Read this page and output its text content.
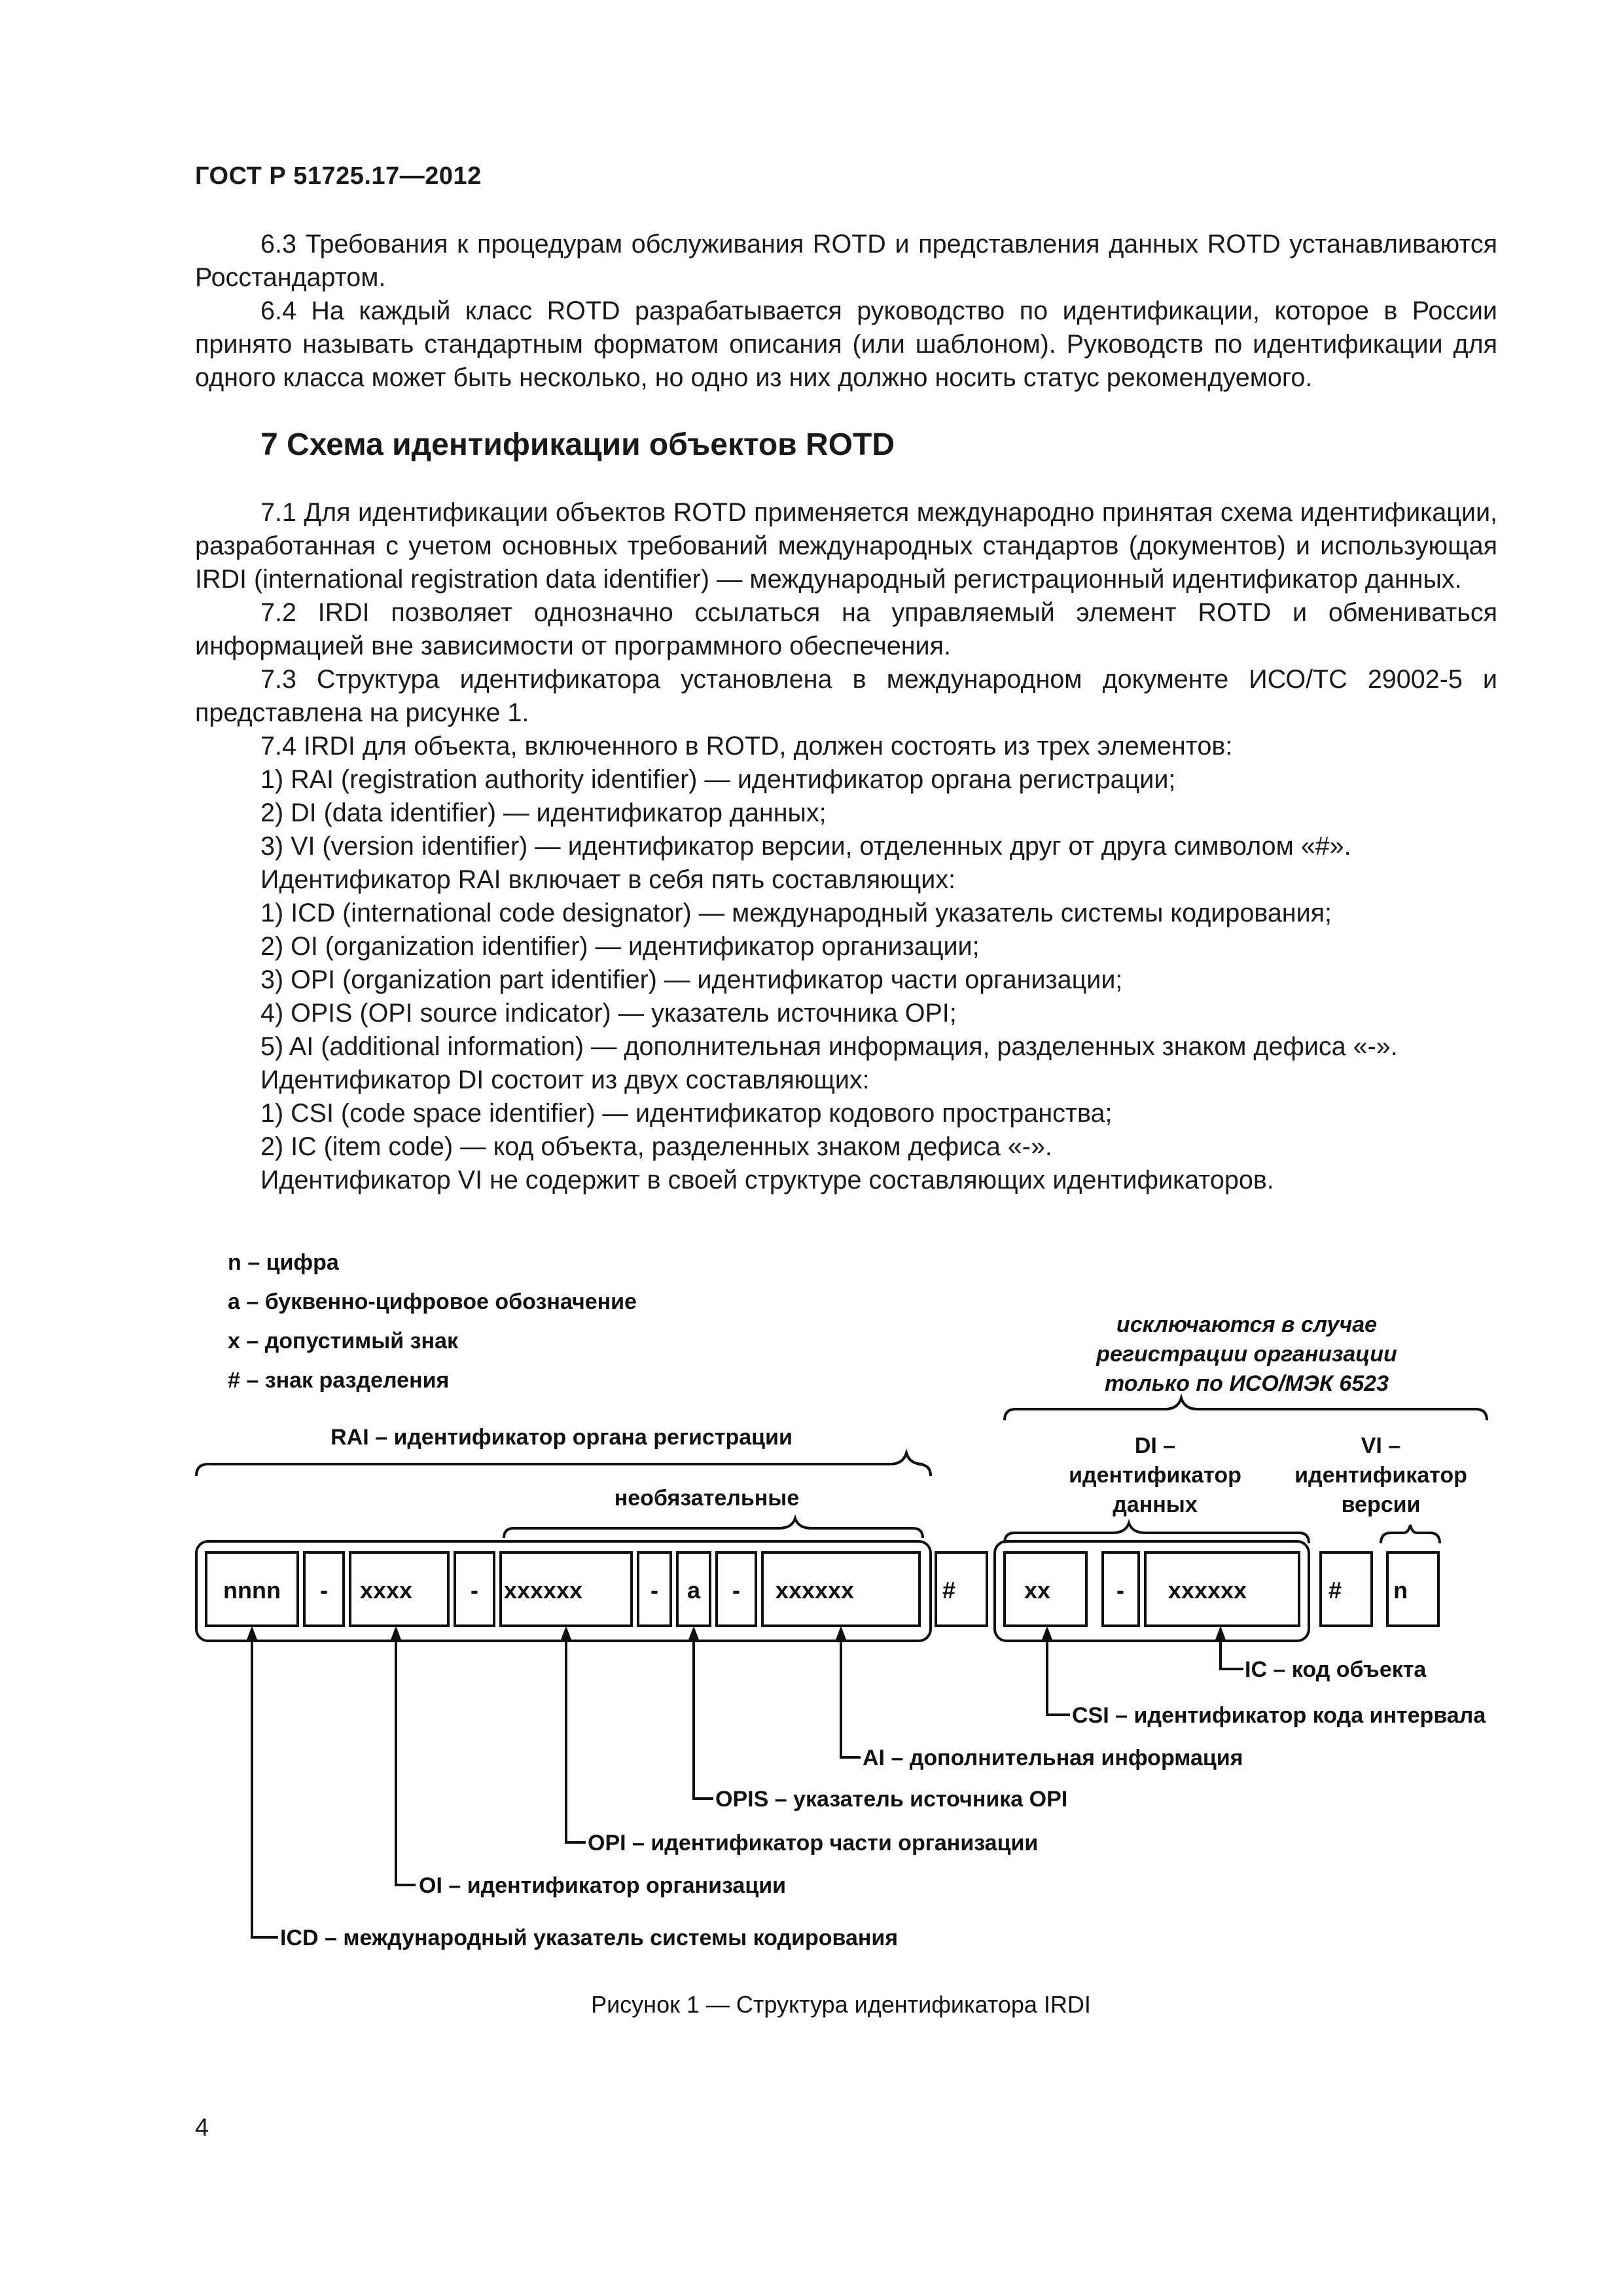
ГОСТ Р 51725.17—2012

6.3 Требования к процедурам обслуживания ROTD и представления данных ROTD устанавливаются Росстандартом.

6.4 На каждый класс ROTD разрабатывается руководство по идентификации, которое в России принято называть стандартным форматом описания (или шаблоном). Руководств по идентификации для одного класса может быть несколько, но одно из них должно носить статус рекомендуемого.

7 Схема идентификации объектов ROTD

7.1 Для идентификации объектов ROTD применяется международно принятая схема идентификации, разработанная с учетом основных требований международных стандартов (документов) и использующая IRDI (international registration data identifier) — международный регистрационный идентификатор данных.

7.2 IRDI позволяет однозначно ссылаться на управляемый элемент ROTD и обмениваться информацией вне зависимости от программного обеспечения.

7.3 Структура идентификатора установлена в международном документе ИСО/ТС 29002-5 и представлена на рисунке 1.

7.4 IRDI для объекта, включенного в ROTD, должен состоять из трех элементов:

1) RAI (registration authority identifier) — идентификатор органа регистрации;

2) DI (data identifier) — идентификатор данных;

3) VI (version identifier) — идентификатор версии, отделенных друг от друга символом «#».

Идентификатор RAI включает в себя пять составляющих:

1) ICD (international code designator) — международный указатель системы кодирования;

2) OI (organization identifier) — идентификатор организации;

3) OPI (organization part identifier) — идентификатор части организации;

4) OPIS (OPI source indicator) — указатель источника OPI;

5) AI (additional information) — дополнительная информация, разделенных знаком дефиса «-».

Идентификатор DI состоит из двух составляющих:

1) CSI (code space identifier) — идентификатор кодового пространства;

2) IC (item code) — код объекта, разделенных знаком дефиса «-».

Идентификатор VI не содержит в своей структуре составляющих идентификаторов.

n – цифра
a – буквенно-цифровое обозначение
x – допустимый знак
# – знак разделения
исключаются в случае
регистрации организации
только по ИСО/МЭК 6523
RAI – идентификатор органа регистрации
необязательные
DI –
идентификатор
данных
VI –
идентификатор
версии
nnnn - xxxx - xxxxxx	- a - xxxxxx	#	xx	- xxxxxx	# n
IC – код объекта
CSI – идентификатор кода интервала
AI – дополнительная информация
OPIS – указатель источника OPI
OPI – идентификатор части организации
OI – идентификатор организации
ICD – международный указатель системы кодирования
Рисунок 1 — Структура идентификатора IRDI
4
